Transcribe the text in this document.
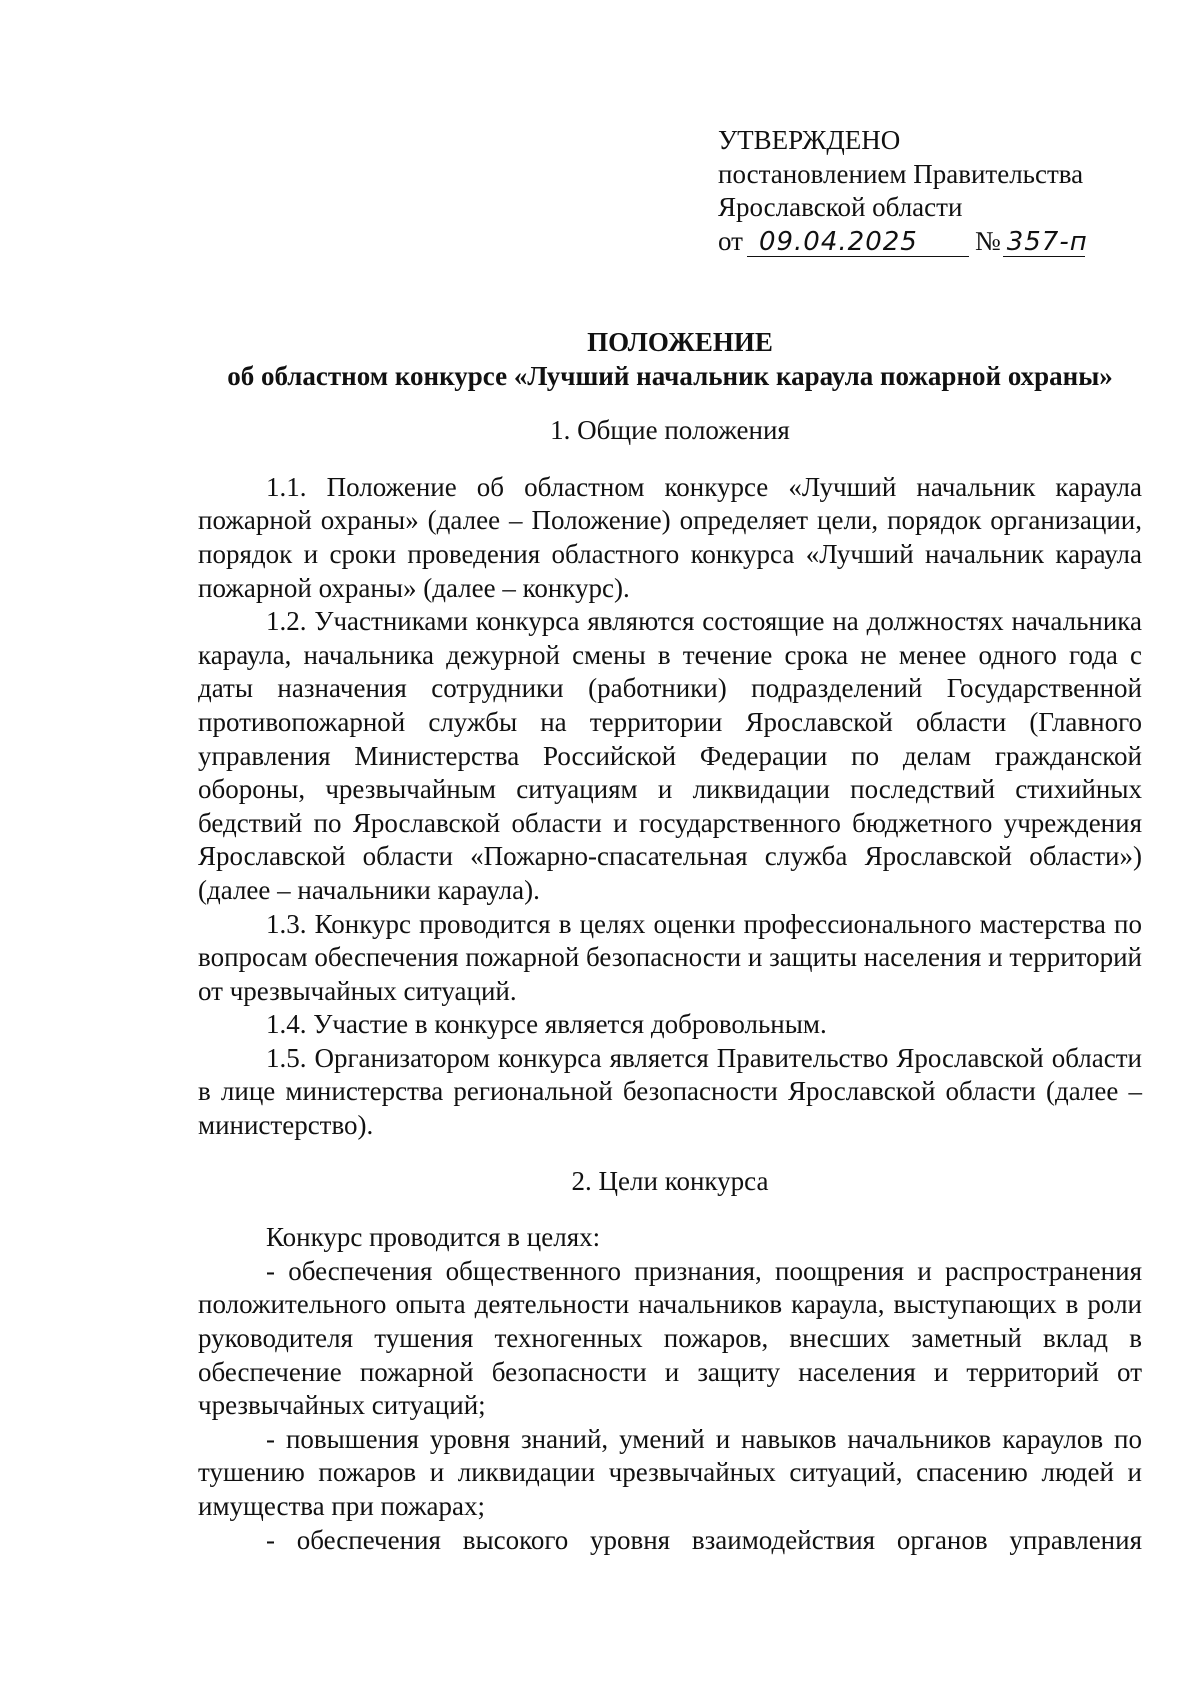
УТВЕРЖДЕНО
постановлением Правительства
Ярославской области
от 09.04.2025 № 357-п
ПОЛОЖЕНИЕ
об областном конкурсе «Лучший начальник караула пожарной охраны»
1. Общие положения

1.1. Положение об областном конкурсе «Лучший начальник караула пожарной охраны» (далее – Положение) определяет цели, порядок организации, порядок и сроки проведения областного конкурса «Лучший начальник караула пожарной охраны» (далее – конкурс).

1.2. Участниками конкурса являются состоящие на должностях начальника караула, начальника дежурной смены в течение срока не менее одного года с даты назначения сотрудники (работники) подразделений Государственной противопожарной службы на территории Ярославской области (Главного управления Министерства Российской Федерации по делам гражданской обороны, чрезвычайным ситуациям и ликвидации последствий стихийных бедствий по Ярославской области и государственного бюджетного учреждения Ярославской области «Пожарно-спасательная служба Ярославской области») (далее – начальники караула).

1.3. Конкурс проводится в целях оценки профессионального мастерства по вопросам обеспечения пожарной безопасности и защиты населения и территорий от чрезвычайных ситуаций.

1.4. Участие в конкурсе является добровольным.

1.5. Организатором конкурса является Правительство Ярославской области в лице министерства региональной безопасности Ярославской области (далее – министерство).

2. Цели конкурса

Конкурс проводится в целях:

- обеспечения общественного признания, поощрения и распространения положительного опыта деятельности начальников караула, выступающих в роли руководителя тушения техногенных пожаров, внесших заметный вклад в обеспечение пожарной безопасности и защиту населения и территорий от чрезвычайных ситуаций;

- повышения уровня знаний, умений и навыков начальников караулов по тушению пожаров и ликвидации чрезвычайных ситуаций, спасению людей и имущества при пожарах;

- обеспечения высокого уровня взаимодействия органов управления
